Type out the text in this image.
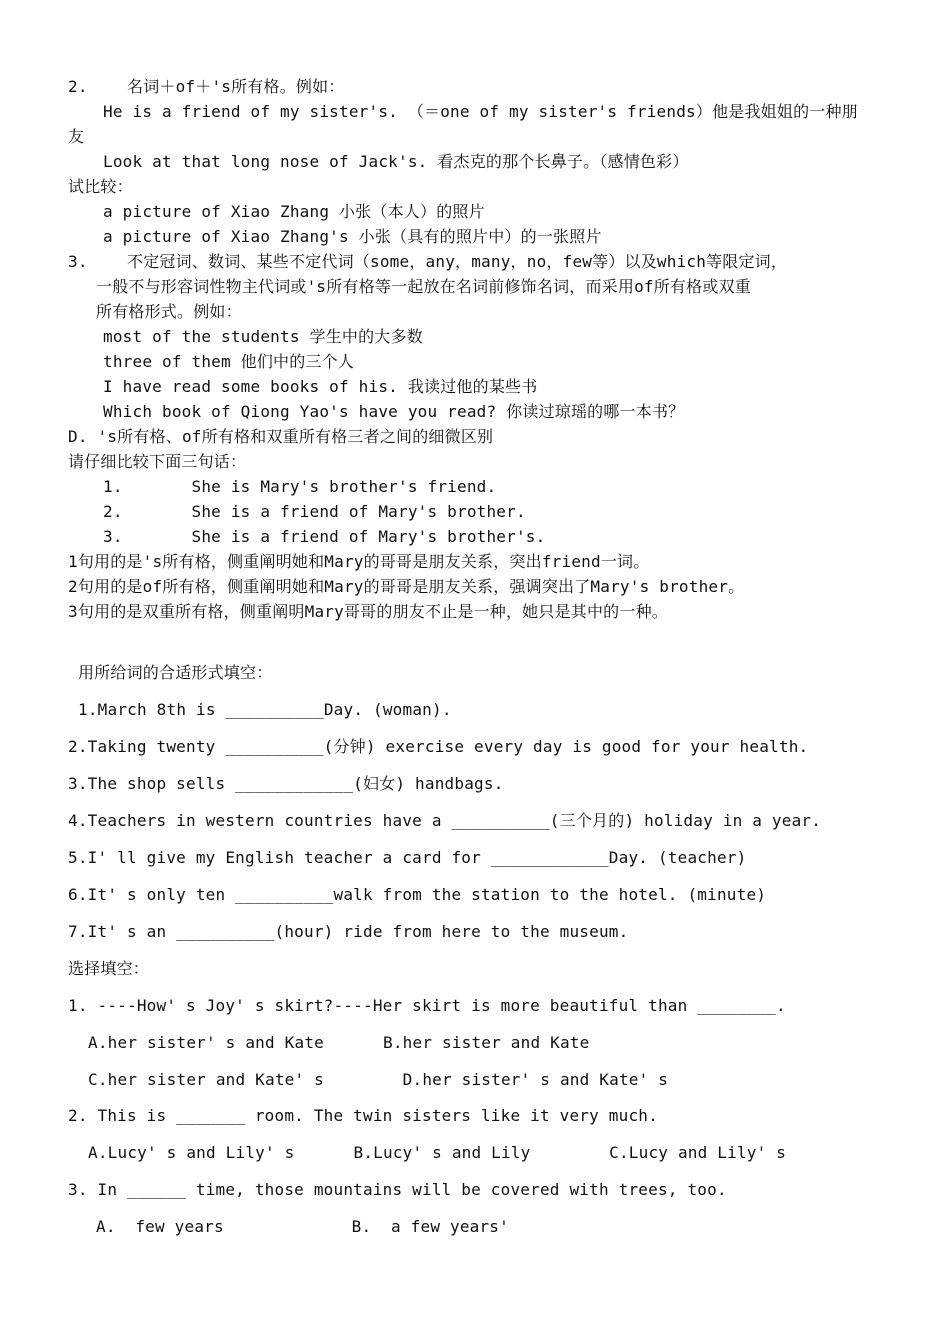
2.    名词＋of＋'s所有格。例如：
He is a friend of my sister's. （＝one of my sister's friends）他是我姐姐的一种朋
友
Look at that long nose of Jack's. 看杰克的那个长鼻子。（感情色彩）
试比较：
a picture of Xiao Zhang 小张（本人）的照片
a picture of Xiao Zhang's 小张（具有的照片中）的一张照片
3.    不定冠词、数词、某些不定代词（some，any，many，no，few等）以及which等限定词，
一般不与形容词性物主代词或's所有格等一起放在名词前修饰名词，而采用of所有格或双重
所有格形式。例如：
most of the students 学生中的大多数
three of them 他们中的三个人
I have read some books of his. 我读过他的某些书
Which book of Qiong Yao's have you read? 你读过琼瑶的哪一本书？
D. 's所有格、of所有格和双重所有格三者之间的细微区别
请仔细比较下面三句话：
1.       She is Mary's brother's friend.
2.       She is a friend of Mary's brother.
3.       She is a friend of Mary's brother's.
1句用的是's所有格，侧重阐明她和Mary的哥哥是朋友关系，突出friend一词。
2句用的是of所有格，侧重阐明她和Mary的哥哥是朋友关系，强调突出了Mary's brother。
3句用的是双重所有格，侧重阐明Mary哥哥的朋友不止是一种，她只是其中的一种。
用所给词的合适形式填空：
1.March 8th is __________Day. (woman).
2.Taking twenty __________(分钟) exercise every day is good for your health.
3.The shop sells ____________(妇女) handbags.
4.Teachers in western countries have a __________(三个月的) holiday in a year.
5.I' ll give my English teacher a card for ____________Day. (teacher)
6.It' s only ten __________walk from the station to the hotel. (minute)
7.It' s an __________(hour) ride from here to the museum.
选择填空：
1. ----How' s Joy' s skirt?----Her skirt is more beautiful than ________.
A.her sister' s and Kate      B.her sister and Kate
C.her sister and Kate' s        D.her sister' s and Kate' s
2. This is _______ room. The twin sisters like it very much.
A.Lucy' s and Lily' s      B.Lucy' s and Lily        C.Lucy and Lily' s
3. In ______ time, those mountains will be covered with trees, too.
A.  few years             B.  a few years'
